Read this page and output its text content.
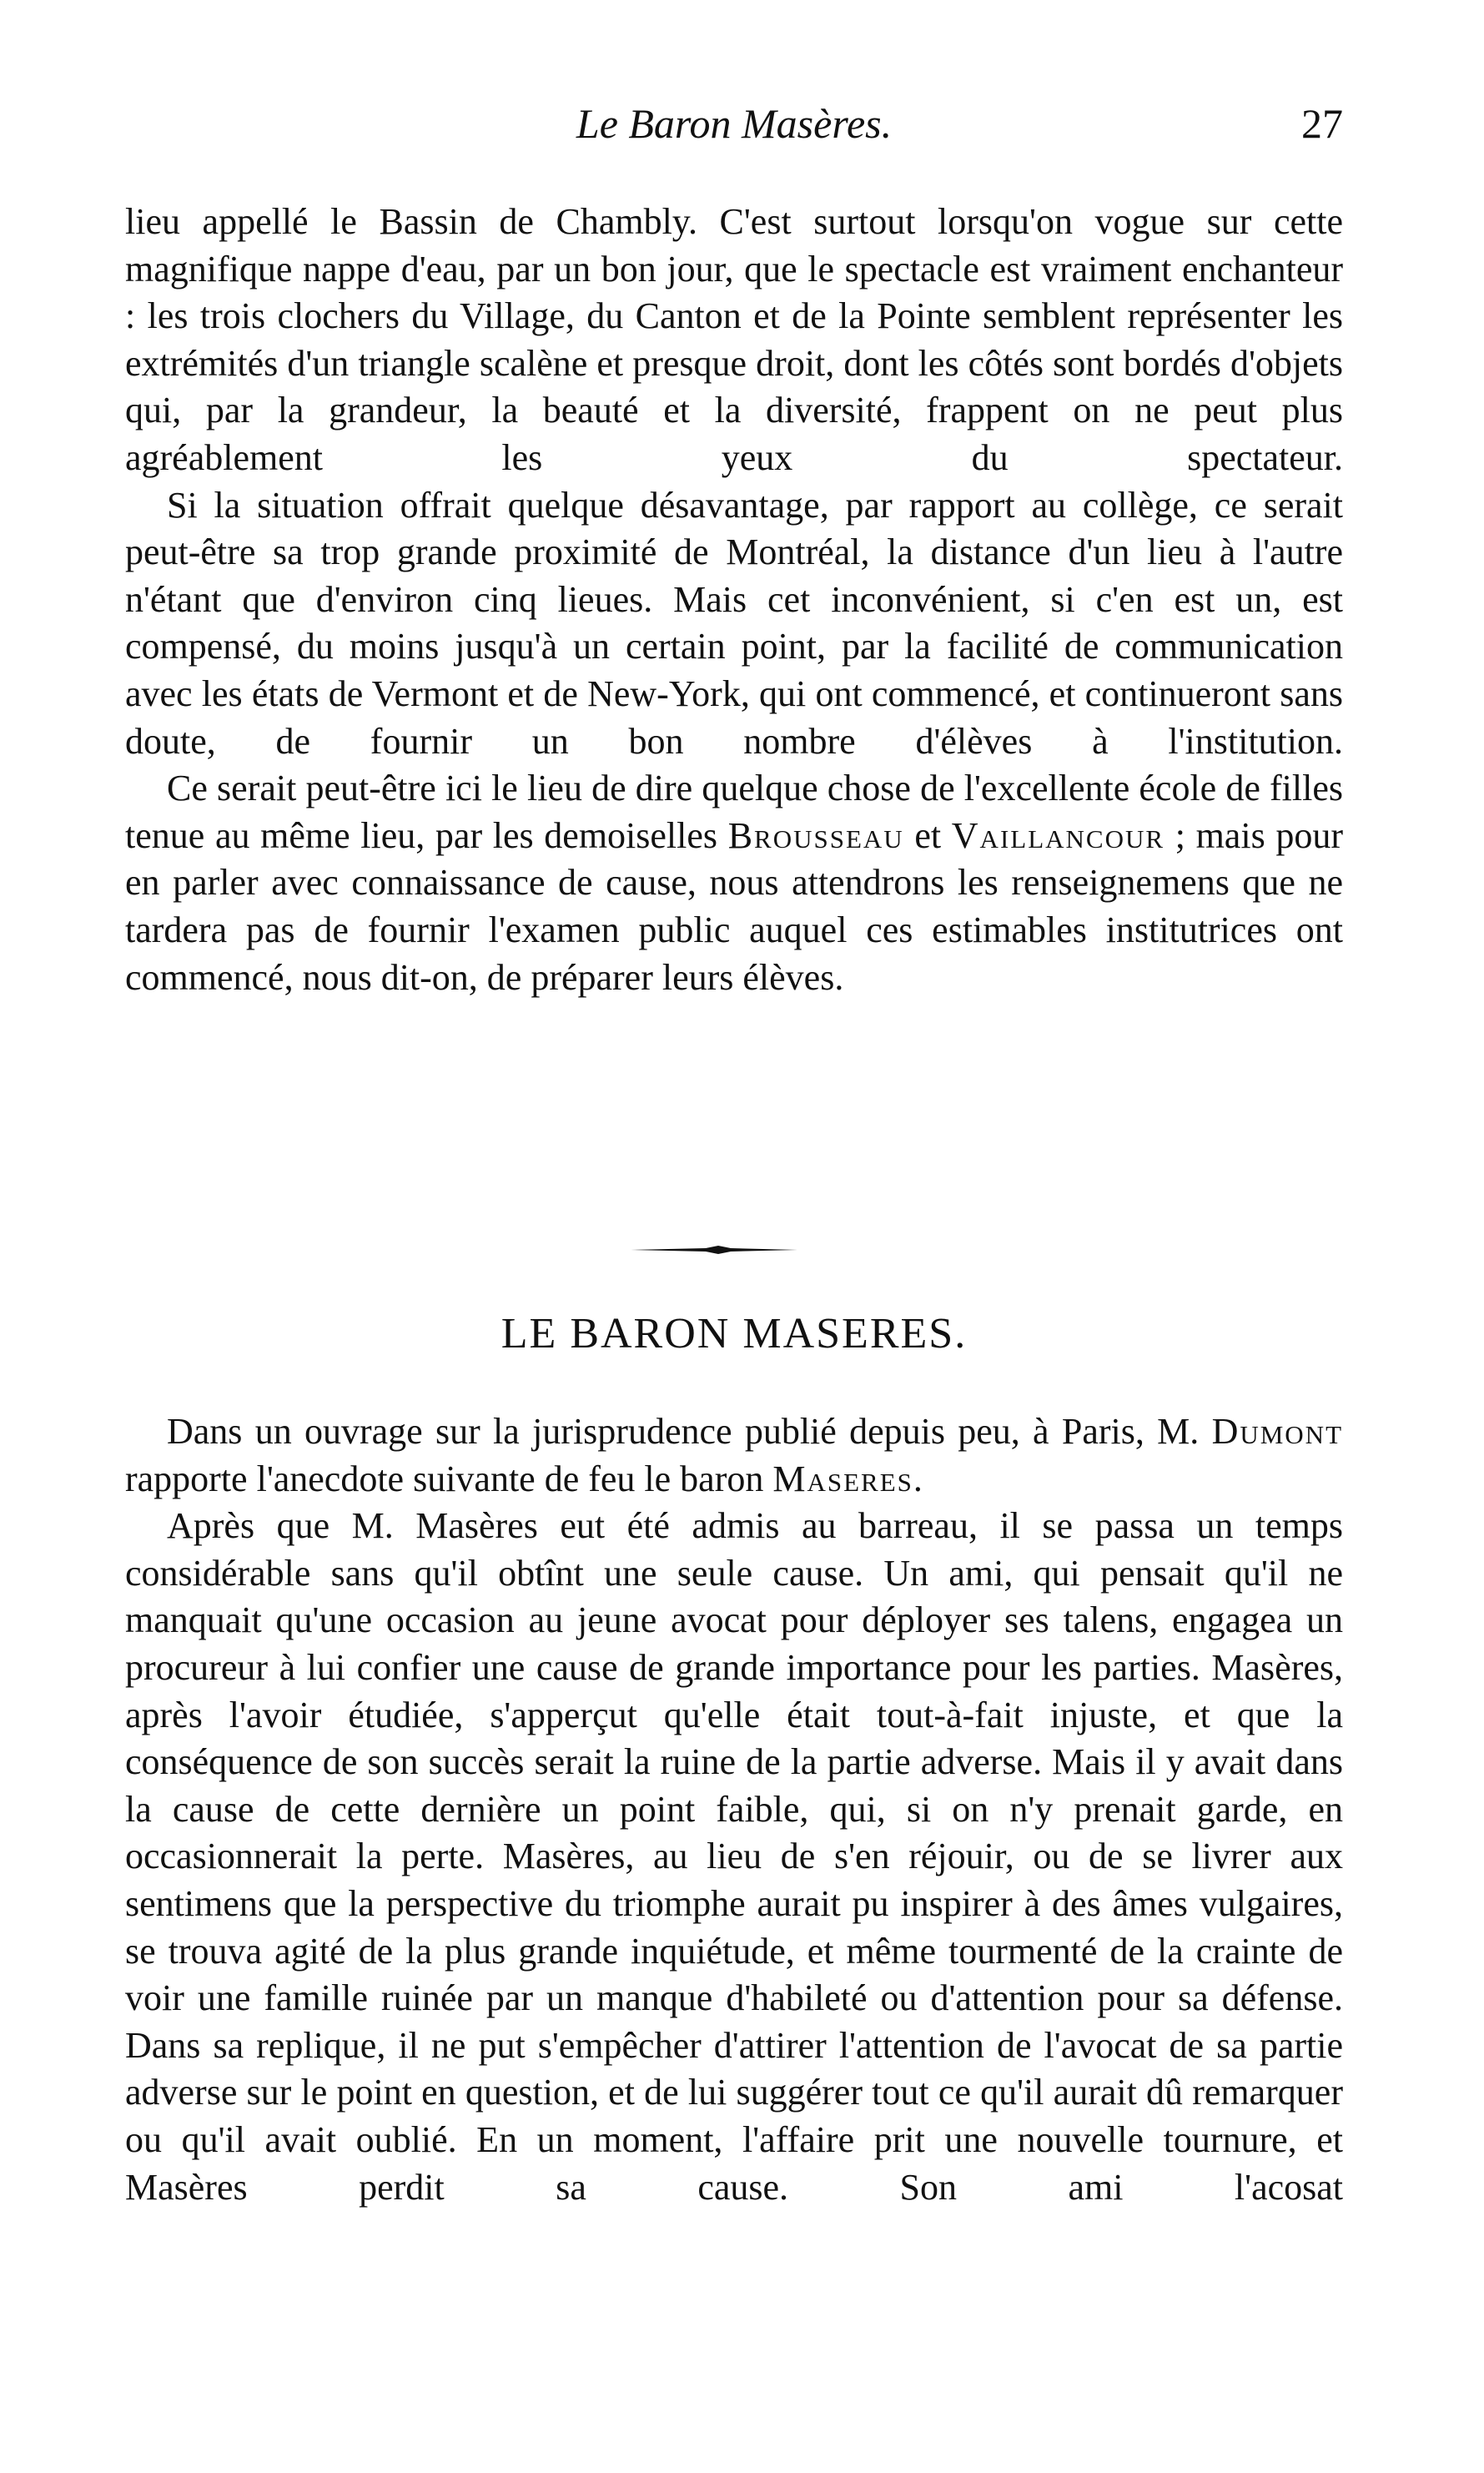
Le Baron Masères.	27

lieu appellé le Bassin de Chambly. C'est surtout lorsqu'on vogue sur cette magnifique nappe d'eau, par un bon jour, que le spectacle est vraiment enchanteur : les trois clochers du Village, du Canton et de la Pointe semblent représenter les extrémités d'un triangle scalène et presque droit, dont les côtés sont bordés d'objets qui, par la grandeur, la beauté et la diversité, frappent on ne peut plus agréablement les yeux du spectateur.

Si la situation offrait quelque désavantage, par rapport au collège, ce serait peut-être sa trop grande proximité de Montréal, la distance d'un lieu à l'autre n'étant que d'environ cinq lieues. Mais cet inconvénient, si c'en est un, est compensé, du moins jusqu'à un certain point, par la facilité de communication avec les états de Vermont et de New-York, qui ont commencé, et continueront sans doute, de fournir un bon nombre d'élèves à l'institution.

Ce serait peut-être ici le lieu de dire quelque chose de l'excellente école de filles tenue au même lieu, par les demoiselles Brousseau et Vaillancour ; mais pour en parler avec connaissance de cause, nous attendrons les renseignemens que ne tardera pas de fournir l'examen public auquel ces estimables institutrices ont commencé, nous dit-on, de préparer leurs élèves.

LE BARON MASERES.

Dans un ouvrage sur la jurisprudence publié depuis peu, à Paris, M. Dumont rapporte l'anecdote suivante de feu le baron Maseres.

Après que M. Masères eut été admis au barreau, il se passa un temps considérable sans qu'il obtînt une seule cause. Un ami, qui pensait qu'il ne manquait qu'une occasion au jeune avocat pour déployer ses talens, engagea un procureur à lui confier une cause de grande importance pour les parties. Masères, après l'avoir étudiée, s'apperçut qu'elle était tout-à-fait injuste, et que la conséquence de son succès serait la ruine de la partie adverse. Mais il y avait dans la cause de cette dernière un point faible, qui, si on n'y prenait garde, en occasionnerait la perte. Masères, au lieu de s'en réjouir, ou de se livrer aux sentimens que la perspective du triomphe aurait pu inspirer à des âmes vulgaires, se trouva agité de la plus grande inquiétude, et même tourmenté de la crainte de voir une famille ruinée par un manque d'habileté ou d'attention pour sa défense. Dans sa replique, il ne put s'empêcher d'attirer l'attention de l'avocat de sa partie adverse sur le point en question, et de lui suggérer tout ce qu'il aurait dû remarquer ou qu'il avait oublié. En un moment, l'affaire prit une nouvelle tournure, et Masères perdit sa cause. Son ami l'acosat
